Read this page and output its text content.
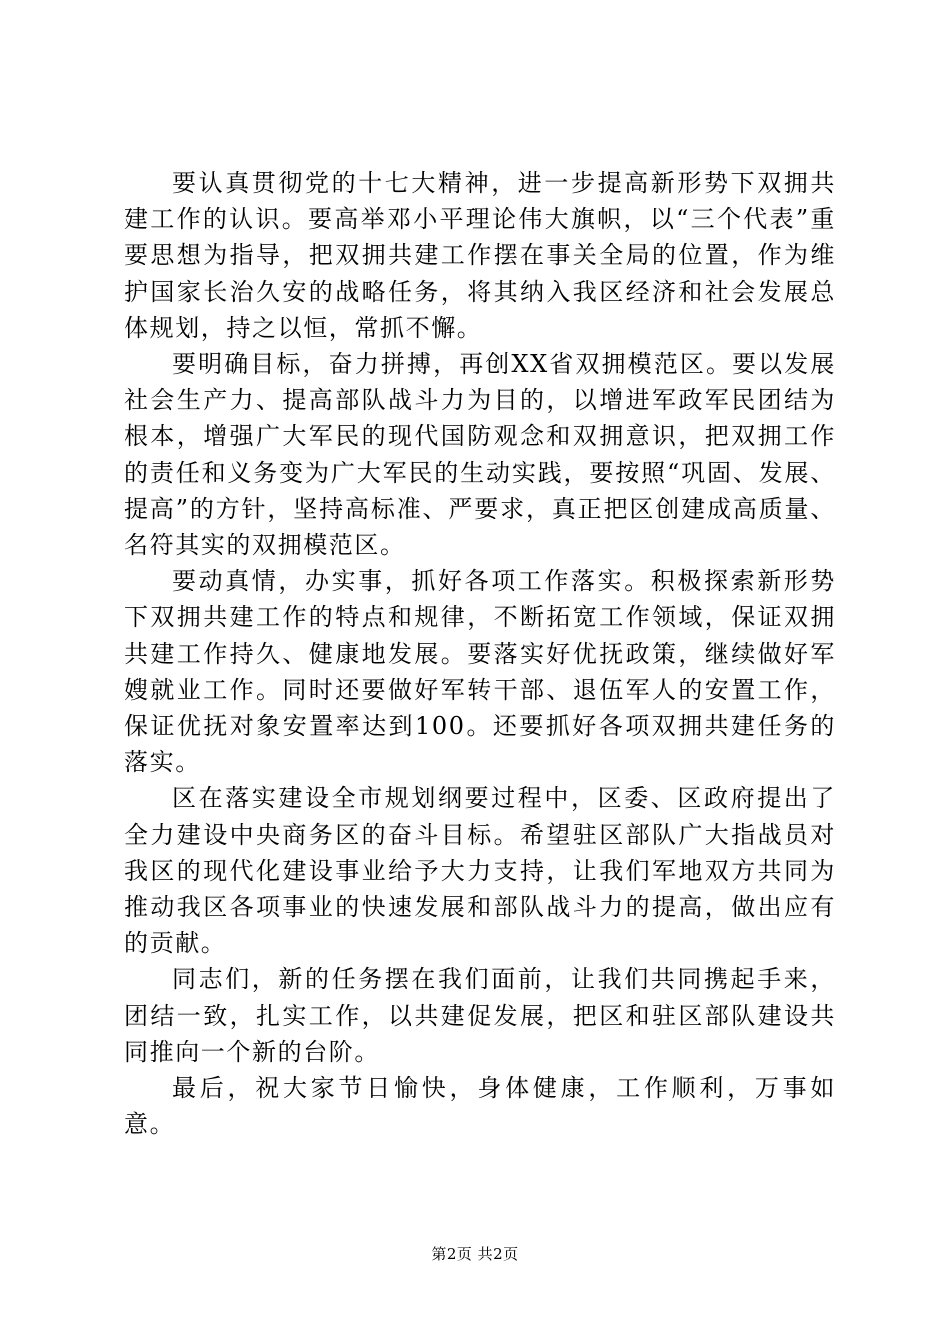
要认真贯彻党的十七大精神，进一步提高新形势下双拥共建工作的认识。要高举邓小平理论伟大旗帜，以“三个代表”重要思想为指导，把双拥共建工作摆在事关全局的位置，作为维护国家长治久安的战略任务，将其纳入我区经济和社会发展总体规划，持之以恒，常抓不懈。

要明确目标，奋力拼搏，再创XX省双拥模范区。要以发展社会生产力、提高部队战斗力为目的，以增进军政军民团结为根本，增强广大军民的现代国防观念和双拥意识，把双拥工作的责任和义务变为广大军民的生动实践，要按照“巩固、发展、提高”的方针，坚持高标准、严要求，真正把区创建成高质量、名符其实的双拥模范区。

要动真情，办实事，抓好各项工作落实。积极探索新形势下双拥共建工作的特点和规律，不断拓宽工作领域，保证双拥共建工作持久、健康地发展。要落实好优抚政策，继续做好军嫂就业工作。同时还要做好军转干部、退伍军人的安置工作，保证优抚对象安置率达到100。还要抓好各项双拥共建任务的落实。

区在落实建设全市规划纲要过程中，区委、区政府提出了全力建设中央商务区的奋斗目标。希望驻区部队广大指战员对我区的现代化建设事业给予大力支持，让我们军地双方共同为推动我区各项事业的快速发展和部队战斗力的提高，做出应有的贡献。

同志们，新的任务摆在我们面前，让我们共同携起手来，团结一致，扎实工作，以共建促发展，把区和驻区部队建设共同推向一个新的台阶。

最后，祝大家节日愉快，身体健康，工作顺利，万事如意。

第2页 共2页
